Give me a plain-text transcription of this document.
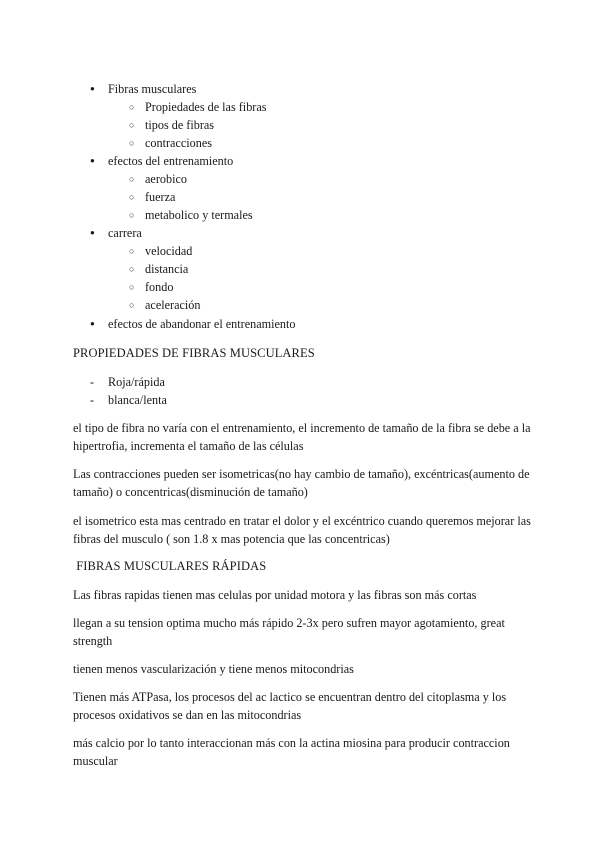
● Fibras musculares
○ Propiedades de las fibras
○ tipos de fibras
○ contracciones
● efectos del entrenamiento
○ aerobico
○ fuerza
○ metabolico y termales
● carrera
○ velocidad
○ distancia
○ fondo
○ aceleración
● efectos de abandonar el entrenamiento
PROPIEDADES DE FIBRAS MUSCULARES
- Roja/rápida
- blanca/lenta
el tipo de fibra no varía con el entrenamiento, el incremento de tamaño de la fibra se debe a la
hipertrofia, incrementa el tamaño de las células
Las contracciones pueden ser isometricas(no hay cambio de tamaño), excéntricas(aumento de
tamaño) o concentricas(disminución de tamaño)
el isometrico esta mas centrado en tratar el dolor y el excéntrico cuando queremos mejorar las
fibras del musculo ( son 1.8 x mas potencia que las concentricas)
FIBRAS MUSCULARES RÁPIDAS
Las fibras rapidas tienen mas celulas por unidad motora y las fibras son más cortas
llegan a su tension optima mucho más rápido 2-3x pero sufren mayor agotamiento, great
strength
tienen menos vascularización y tiene menos mitocondrias
Tienen más ATPasa, los procesos del ac lactico se encuentran dentro del citoplasma y los
procesos oxidativos se dan en las mitocondrias
más calcio por lo tanto interaccionan más con la actina miosina para producir contraccion
muscular
